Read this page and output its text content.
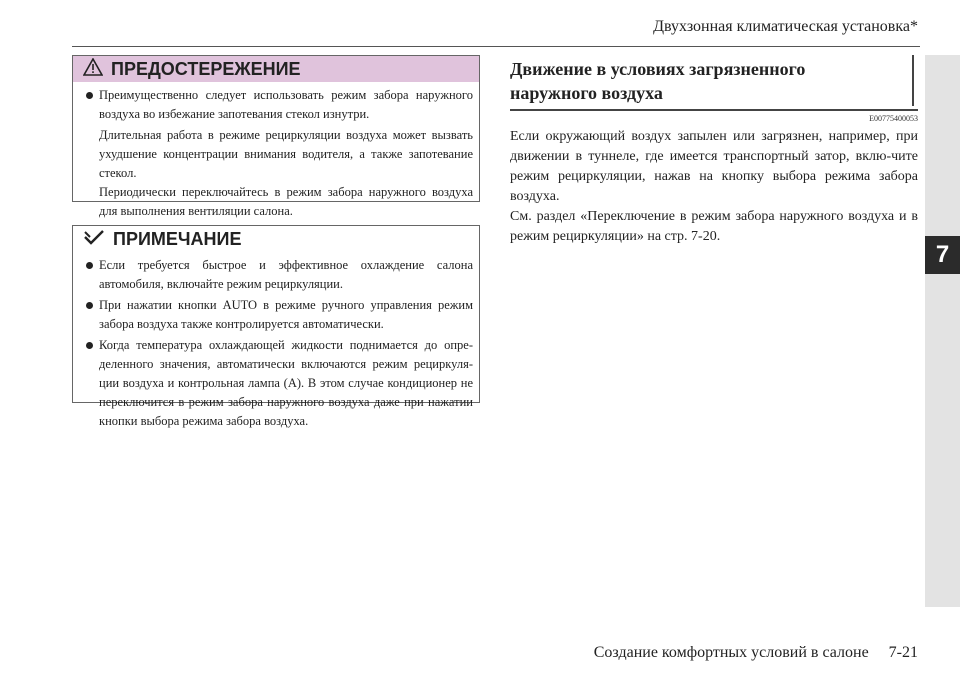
Двухзонная климатическая установка*
7
ПРЕДОСТЕРЕЖЕНИЕ
Преимущественно следует использовать режим забора наружного воздуха во избежание запотевания стекол изнутри.
Длительная работа в режиме рециркуляции воздуха может вызвать ухудшение концентрации внимания водителя, а также запотевание стекол.
Периодически переключайтесь в режим забора наружного воздуха для выполнения вентиляции салона.
ПРИМЕЧАНИЕ
Если требуется быстрое и эффективное охлаждение салона автомобиля, включайте режим рециркуляции.
При нажатии кнопки AUTO в режиме ручного управления режим забора воздуха также контролируется автоматически.
Когда температура охлаждающей жидкости поднимается до опре-деленного значения, автоматически включаются режим рециркуля-ции воздуха и контрольная лампа (A). В этом случае кондиционер не переключится в режим забора наружного воздуха даже при нажатии кнопки выбора режима забора воздуха.
Движение в условиях загрязненного
наружного воздуха
E00775400053

Если окружающий воздух запылен или загрязнен, например, при движении в туннеле, где имеется транспортный затор, вклю-чите режим рециркуляции, нажав на кнопку выбора режима забора воздуха.

См. раздел «Переключение в режим забора наружного воздуха и в режим рециркуляции» на стр. 7-20.

Создание комфортных условий в салоне 7-21
